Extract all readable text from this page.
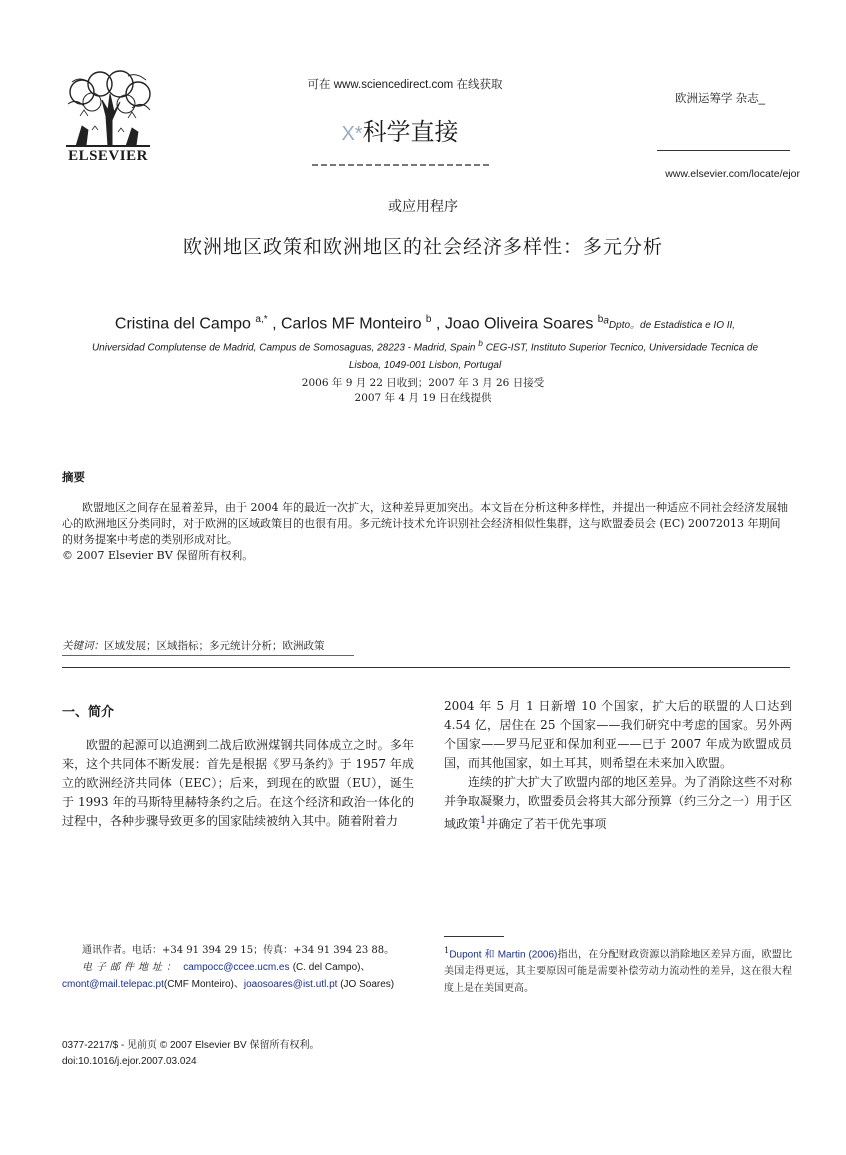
ELSEVIER
可在 www.sciencedirect.com 在线获取
X*科学直接
欧洲运筹学 杂志_
www.elsevier.com/locate/ejor
或应用程序
欧洲地区政策和欧洲地区的社会经济多样性：多元分析
Cristina del Campo $^{a,*}$ , Carlos MF Monteiro $^b$ , Joao Oliveira Soares $^{ba}$Dpto。de Estadistica e IO II,
Universidad Complutense de Madrid, Campus de Somosaguas, 28223 - Madrid, Spain $^b$ CEG-IST, Instituto Superior Tecnico, Universidade Tecnica de
Lisboa, 1049-001 Lisbon, Portugal
2006 年 9 月 22 日收到；2007 年 3 月 26 日接受
2007 年 4 月 19 日在线提供
摘要

欧盟地区之间存在显着差异，由于 2004 年的最近一次扩大，这种差异更加突出。本文旨在分析这种多样性，并提出一种适应不同社会经济发展轴心的欧洲地区分类同时，对于欧洲的区域政策目的也很有用。多元统计技术允许识别社会经济相似性集群，这与欧盟委员会 (EC) 20072013 年期间的财务提案中考虑的类别形成对比。

© 2007 Elsevier BV 保留所有权利。

关键词：区域发展；区域指标；多元统计分析；欧洲政策
一、简介

欧盟的起源可以追溯到二战后欧洲煤钢共同体成立之时。多年来，这个共同体不断发展：首先是根据《罗马条约》于 1957 年成立的欧洲经济共同体（EEC）；后来，到现在的欧盟（EU），诞生于 1993 年的马斯特里赫特条约之后。在这个经济和政治一体化的过程中，各种步骤导致更多的国家陆续被纳入其中。随着附着力

2004 年 5 月 1 日新增 10 个国家，扩大后的联盟的人口达到 4.54 亿，居住在 25 个国家——我们研究中考虑的国家。另外两个国家——罗马尼亚和保加利亚——已于 2007 年成为欧盟成员国，而其他国家，如土耳其，则希望在未来加入欧盟。

连续的扩大扩大了欧盟内部的地区差异。为了消除这些不对称并争取凝聚力，欧盟委员会将其大部分预算（约三分之一）用于区域政策$^1$并确定了若干优先事项

通讯作者。电话：+34 91 394 29 15；传真：+34 91 394 23 88。
电子邮件地址： campocc@ccee.ucm.es (C. del Campo)、
cmont@mail.telepac.pt(CMF Monteiro)、joaosoares@ist.utl.pt (JO Soares)
$^1$Dupont 和 Martin (2006)指出，在分配财政资源以消除地区差异方面，欧盟比美国走得更远，其主要原因可能是需要补偿劳动力流动性的差异，这在很大程度上是在美国更高。
0377-2217/$ - 见前页 © 2007 Elsevier BV 保留所有权利。
doi:10.1016/j.ejor.2007.03.024
